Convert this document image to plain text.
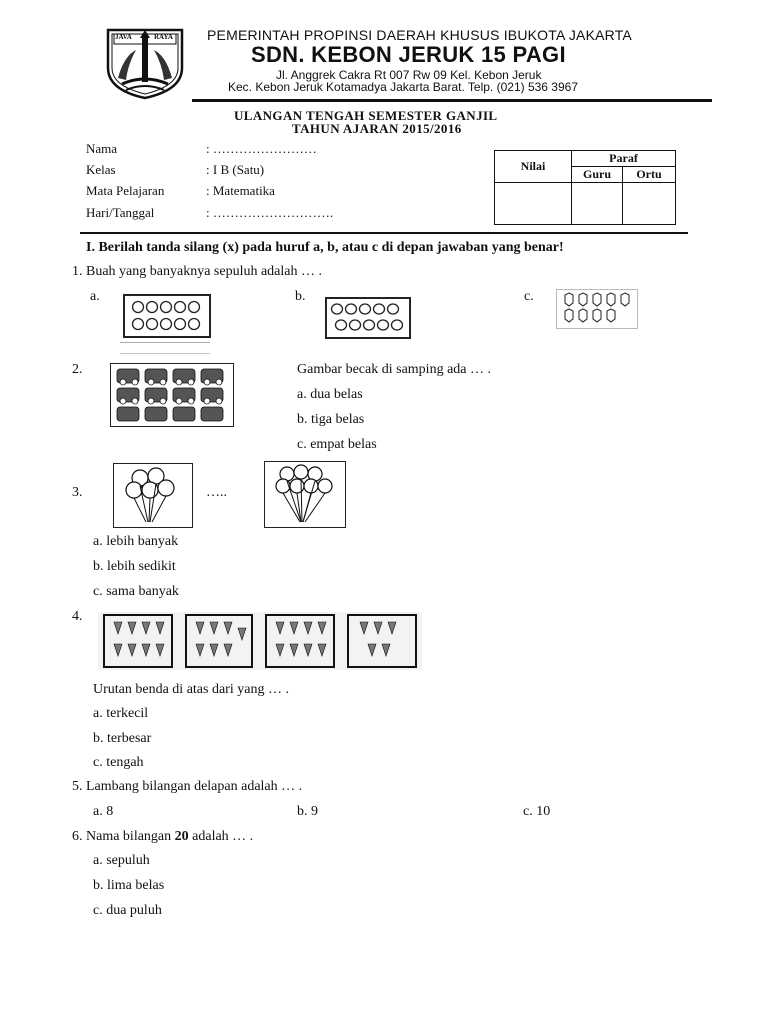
JAVA	RAYA PEMERINTAH PROPINSI DAERAH KHUSUS IBUKOTA JAKARTA
SDN. KEBON JERUK 15 PAGI
Jl. Anggrek Cakra Rt 007 Rw 09 Kel. Kebon Jeruk
Kec. Kebon Jeruk Kotamadya Jakarta Barat. Telp. (021) 536 3967
ULANGAN TENGAH SEMESTER GANJIL
TAHUN AJARAN 2015/2016
Nama	: ……………………
Kelas	: I B (Satu)
Mata Pelajaran	: Matematika
Hari/Tanggal	: ……………………….
Nilai	Paraf	
	Guru	Ortu

I. Berilah tanda silang (x) pada huruf a, b, atau c di depan jawaban yang benar!
1. Buah yang banyaknya sepuluh adalah … .
a.	b.	c.
2.	Gambar becak di samping ada … .
a. dua belas
b. tiga belas
c. empat belas
3.	…..
a. lebih banyak
b. lebih sedikit
c. sama banyak
4.
Urutan benda di atas dari yang … .
a. terkecil
b. terbesar
c. tengah
5. Lambang bilangan delapan adalah … .
a. 8	b. 9	c. 10
6. Nama bilangan 20 adalah … .
a. sepuluh
b. lima belas
c. dua puluh
